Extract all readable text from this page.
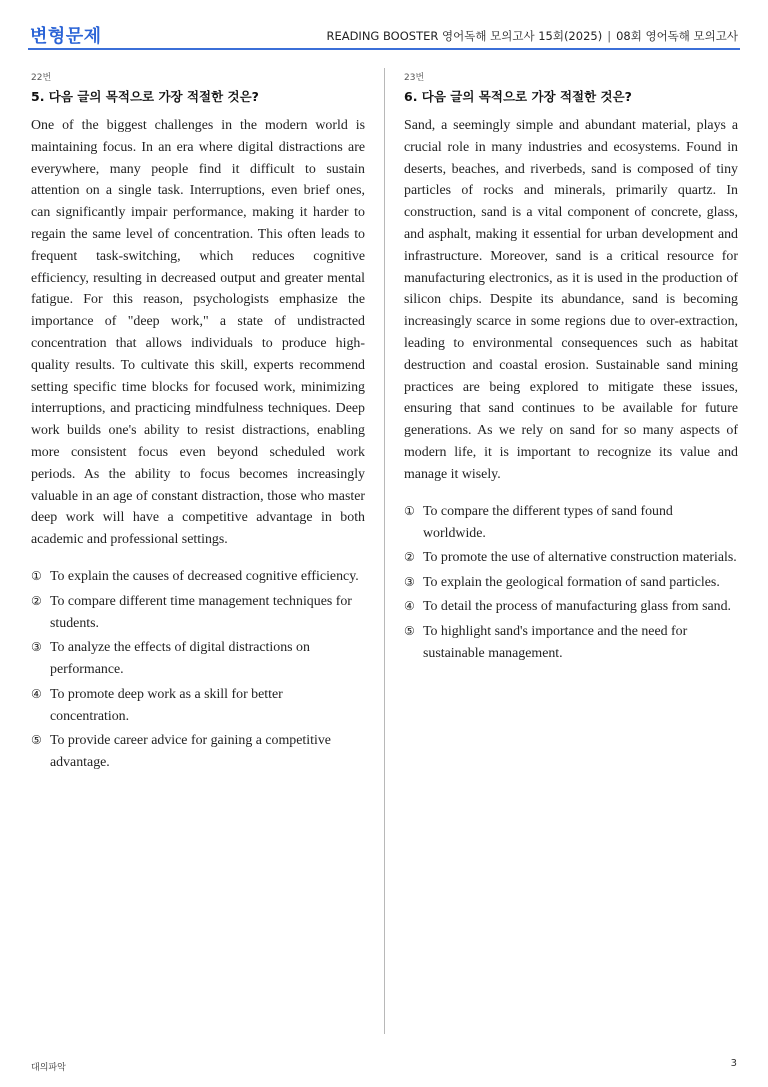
변형문제	READING BOOSTER 영어독해 모의고사 15회(2025) | 08회 영어독해 모의고사
22번
5. 다음 글의 목적으로 가장 적절한 것은?
One of the biggest challenges in the modern world is maintaining focus. In an era where digital distractions are everywhere, many people find it difficult to sustain attention on a single task. Interruptions, even brief ones, can significantly impair performance, making it harder to regain the same level of concentration. This often leads to frequent task-switching, which reduces cognitive efficiency, resulting in decreased output and greater mental fatigue. For this reason, psychologists emphasize the importance of "deep work," a state of undistracted concentration that allows individuals to produce high-quality results. To cultivate this skill, experts recommend setting specific time blocks for focused work, minimizing interruptions, and practicing mindfulness techniques. Deep work builds one's ability to resist distractions, enabling more consistent focus even beyond scheduled work periods. As the ability to focus becomes increasingly valuable in an age of constant distraction, those who master deep work will have a competitive advantage in both academic and professional settings.
① To explain the causes of decreased cognitive efficiency.
② To compare different time management techniques for students.
③ To analyze the effects of digital distractions on performance.
④ To promote deep work as a skill for better concentration.
⑤ To provide career advice for gaining a competitive advantage.
23번
6. 다음 글의 목적으로 가장 적절한 것은?
Sand, a seemingly simple and abundant material, plays a crucial role in many industries and ecosystems. Found in deserts, beaches, and riverbeds, sand is composed of tiny particles of rocks and minerals, primarily quartz. In construction, sand is a vital component of concrete, glass, and asphalt, making it essential for urban development and infrastructure. Moreover, sand is a critical resource for manufacturing electronics, as it is used in the production of silicon chips. Despite its abundance, sand is becoming increasingly scarce in some regions due to over-extraction, leading to environmental consequences such as habitat destruction and coastal erosion. Sustainable sand mining practices are being explored to mitigate these issues, ensuring that sand continues to be available for future generations. As we rely on sand for so many aspects of modern life, it is important to recognize its value and manage it wisely.
① To compare the different types of sand found worldwide.
② To promote the use of alternative construction materials.
③ To explain the geological formation of sand particles.
④ To detail the process of manufacturing glass from sand.
⑤ To highlight sand's importance and the need for sustainable management.
대의파악	3
